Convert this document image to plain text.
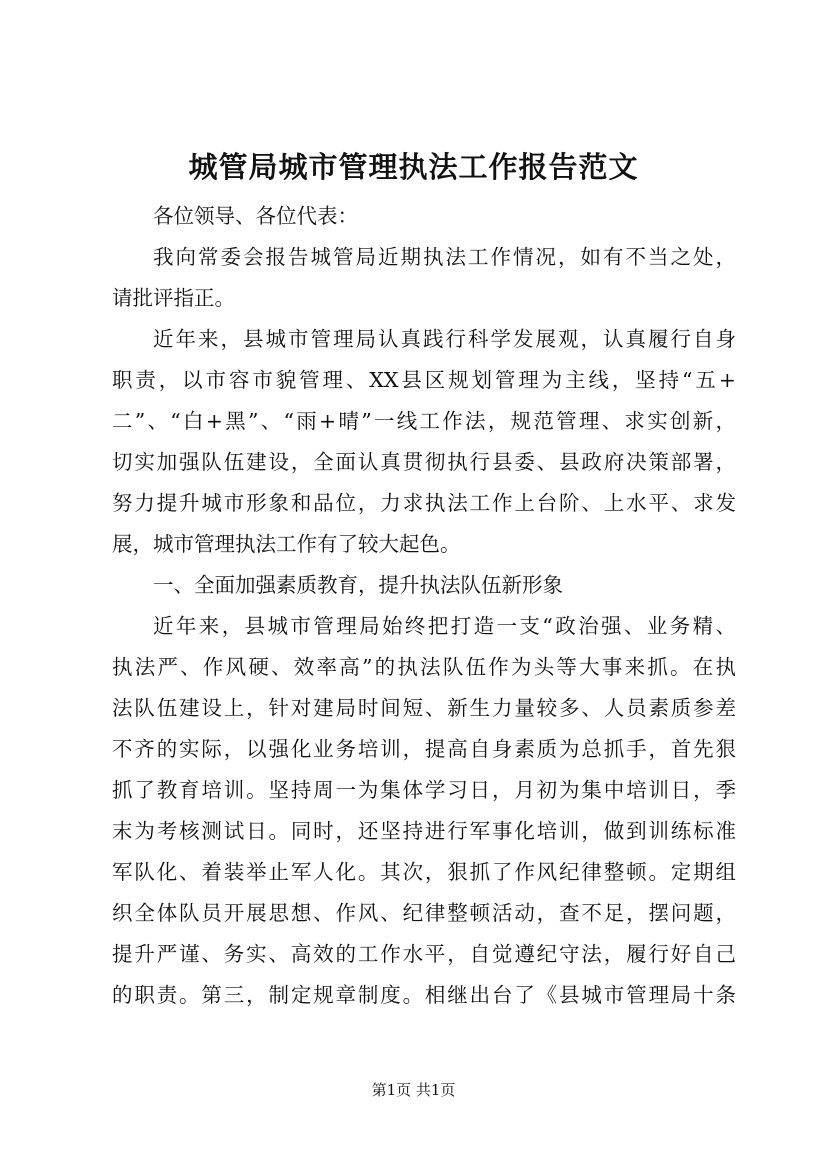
城管局城市管理执法工作报告范文
各位领导、各位代表：
我向常委会报告城管局近期执法工作情况，如有不当之处，
请批评指正。
近年来，县城市管理局认真践行科学发展观，认真履行自身
职责，以市容市貌管理、XX县区规划管理为主线，坚持“五+
二”、“白+黑”、“雨+晴”一线工作法，规范管理、求实创新，
切实加强队伍建设，全面认真贯彻执行县委、县政府决策部署，
努力提升城市形象和品位，力求执法工作上台阶、上水平、求发
展，城市管理执法工作有了较大起色。
一、全面加强素质教育，提升执法队伍新形象
近年来，县城市管理局始终把打造一支“政治强、业务精、
执法严、作风硬、效率高”的执法队伍作为头等大事来抓。在执
法队伍建设上，针对建局时间短、新生力量较多、人员素质参差
不齐的实际，以强化业务培训，提高自身素质为总抓手，首先狠
抓了教育培训。坚持周一为集体学习日，月初为集中培训日，季
末为考核测试日。同时，还坚持进行军事化培训，做到训练标准
军队化、着装举止军人化。其次，狠抓了作风纪律整顿。定期组
织全体队员开展思想、作风、纪律整顿活动，查不足，摆问题，
提升严谨、务实、高效的工作水平，自觉遵纪守法，履行好自己
的职责。第三，制定规章制度。相继出台了《县城市管理局十条
第1页 共1页
